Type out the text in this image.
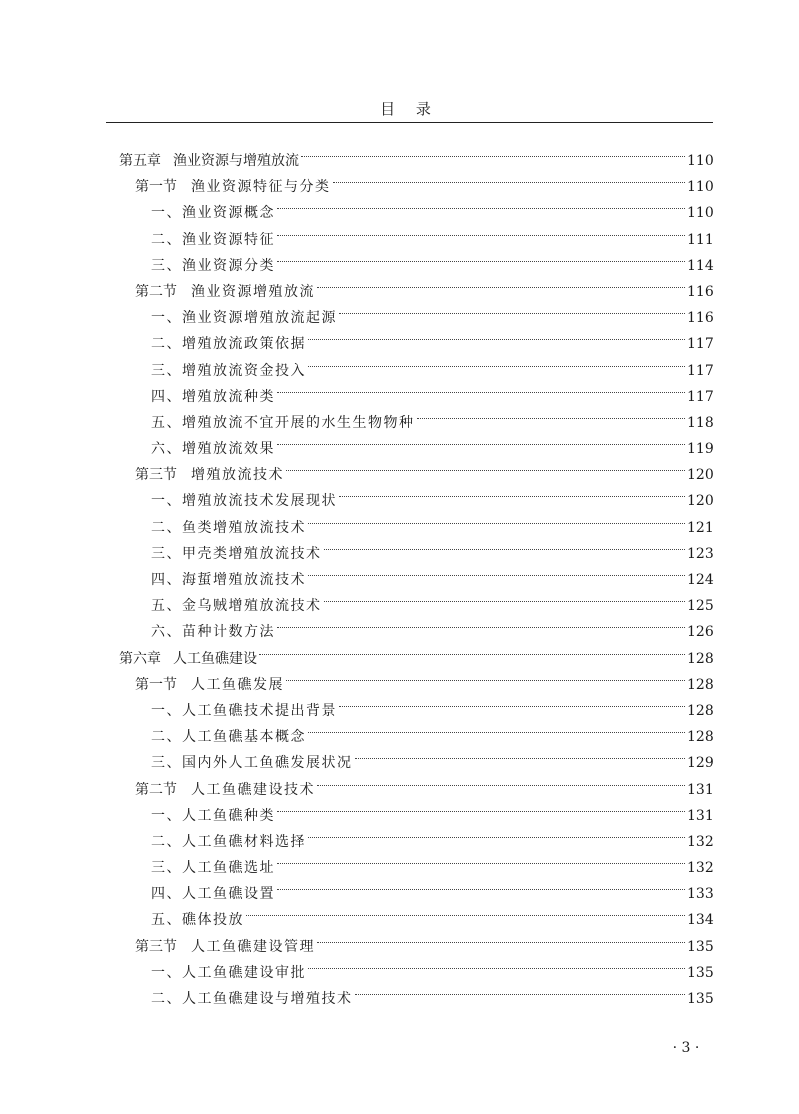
目 录
第五章 渔业资源与增殖放流	110
第一节 渔业资源特征与分类	110
一、渔业资源概念	110
二、渔业资源特征	111
三、渔业资源分类	114
第二节 渔业资源增殖放流	116
一、渔业资源增殖放流起源	116
二、增殖放流政策依据	117
三、增殖放流资金投入	117
四、增殖放流种类	117
五、增殖放流不宜开展的水生生物物种	118
六、增殖放流效果	119
第三节 增殖放流技术	120
一、增殖放流技术发展现状	120
二、鱼类增殖放流技术	121
三、甲壳类增殖放流技术	123
四、海蜇增殖放流技术	124
五、金乌贼增殖放流技术	125
六、苗种计数方法	126
第六章 人工鱼礁建设	128
第一节 人工鱼礁发展	128
一、人工鱼礁技术提出背景	128
二、人工鱼礁基本概念	128
三、国内外人工鱼礁发展状况	129
第二节 人工鱼礁建设技术	131
一、人工鱼礁种类	131
二、人工鱼礁材料选择	132
三、人工鱼礁选址	132
四、人工鱼礁设置	133
五、礁体投放	134
第三节 人工鱼礁建设管理	135
一、人工鱼礁建设审批	135
二、人工鱼礁建设与增殖技术	135
· 3 ·
